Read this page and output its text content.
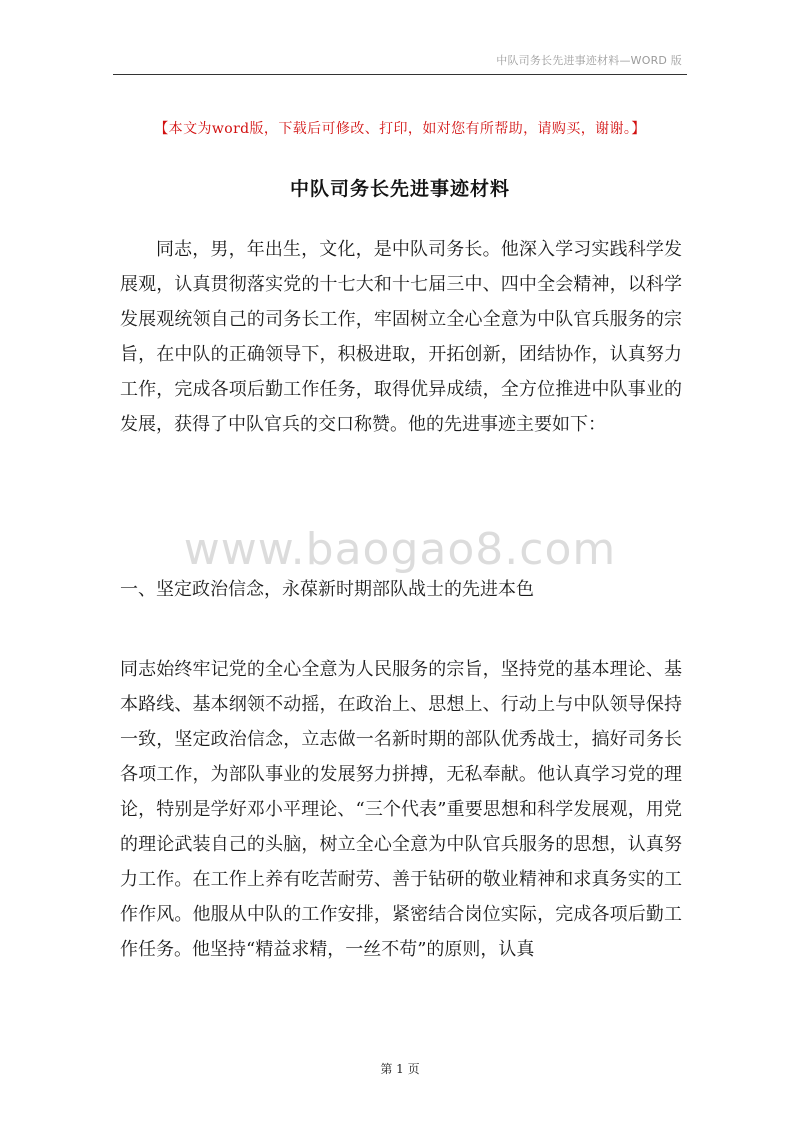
中队司务长先进事迹材料—WORD 版
【本文为word版，下载后可修改、打印，如对您有所帮助，请购买，谢谢。】
中队司务长先进事迹材料

同志，男，年出生，文化，是中队司务长。他深入学习实践科学发展观，认真贯彻落实党的十七大和十七届三中、四中全会精神，以科学发展观统领自己的司务长工作，牢固树立全心全意为中队官兵服务的宗旨，在中队的正确领导下，积极进取，开拓创新，团结协作，认真努力工作，完成各项后勤工作任务，取得优异成绩，全方位推进中队事业的发展，获得了中队官兵的交口称赞。他的先进事迹主要如下：

www.baogao8.com

一、坚定政治信念，永葆新时期部队战士的先进本色

同志始终牢记党的全心全意为人民服务的宗旨，坚持党的基本理论、基本路线、基本纲领不动摇，在政治上、思想上、行动上与中队领导保持一致，坚定政治信念，立志做一名新时期的部队优秀战士，搞好司务长各项工作，为部队事业的发展努力拼搏，无私奉献。他认真学习党的理论，特别是学好邓小平理论、“三个代表”重要思想和科学发展观，用党的理论武装自己的头脑，树立全心全意为中队官兵服务的思想，认真努力工作。在工作上养有吃苦耐劳、善于钻研的敬业精神和求真务实的工作作风。他服从中队的工作安排，紧密结合岗位实际，完成各项后勤工作任务。他坚持“精益求精，一丝不苟”的原则，认真

第 1 页
